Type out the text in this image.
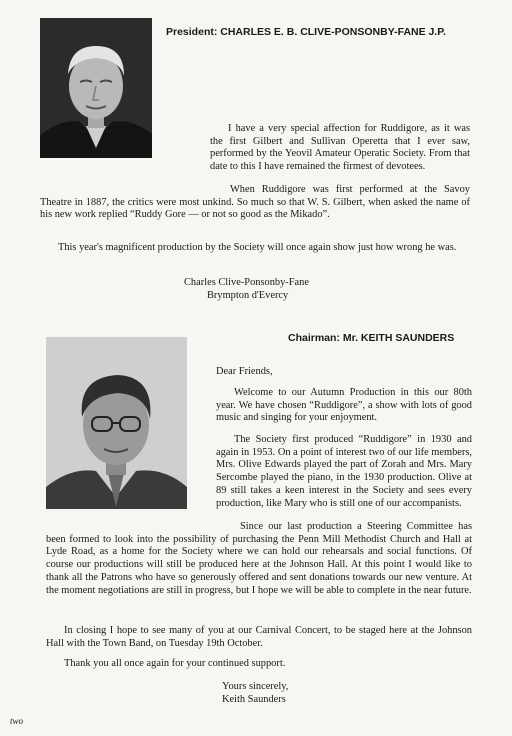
President: CHARLES E. B. CLIVE-PONSONBY-FANE J.P.
I have a very special affection for Ruddigore, as it was the first Gilbert and Sullivan Operetta that I ever saw, performed by the Yeovil Amateur Operatic Society. From that date to this I have remained the firmest of devotees.
When Ruddigore was first performed at the Savoy Theatre in 1887, the critics were most unkind. So much so that W. S. Gilbert, when asked the name of his new work replied “Ruddy Gore — or not so good as the Mikado”.
This year's magnificent production by the Society will once again show just how wrong he was.
Charles Clive-Ponsonby-Fane
Brympton d'Evercy
Chairman: Mr. KEITH SAUNDERS
Dear Friends,
Welcome to our Autumn Production in this our 80th year. We have chosen “Ruddigore”, a show with lots of good music and singing for your enjoyment.
The Society first produced “Ruddigore” in 1930 and again in 1953. On a point of interest two of our life members, Mrs. Olive Edwards played the part of Zorah and Mrs. Mary Sercombe played the piano, in the 1930 production. Olive at 89 still takes a keen interest in the Society and sees every production, like Mary who is still one of our accompanists.
Since our last production a Steering Committee has been formed to look into the possibility of purchasing the Penn Mill Methodist Church and Hall at Lyde Road, as a home for the Society where we can hold our rehearsals and social functions. Of course our productions will still be produced here at the Johnson Hall. At this point I would like to thank all the Patrons who have so generously offered and sent donations towards our new venture. At the moment negotiations are still in progress, but I hope we will be able to complete in the near future.
In closing I hope to see many of you at our Carnival Concert, to be staged here at the Johnson Hall with the Town Band, on Tuesday 19th October.
Thank you all once again for your continued support.
Yours sincerely,
Keith Saunders
two
